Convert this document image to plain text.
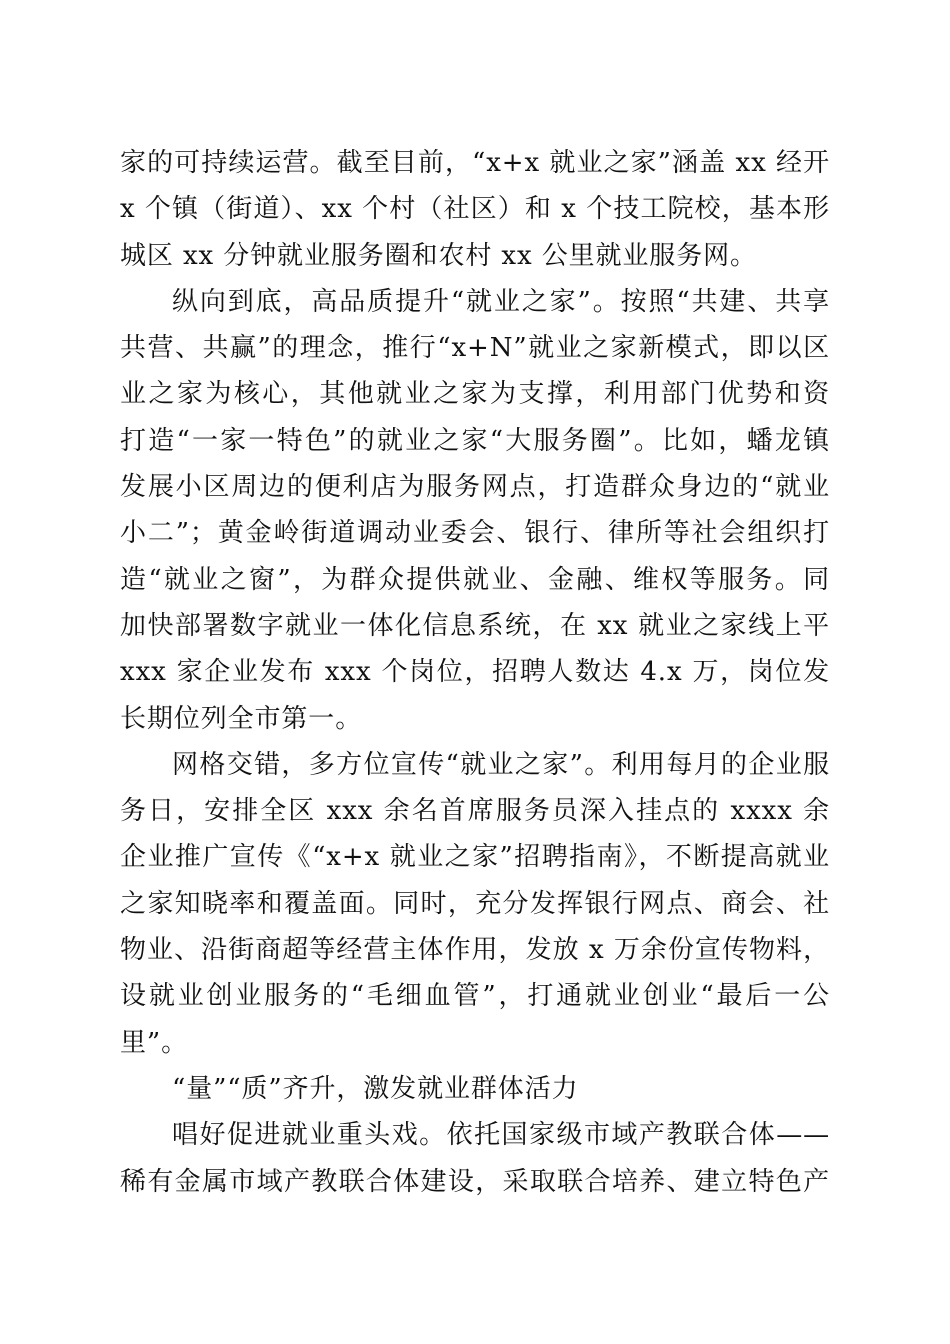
家的可持续运营。截至目前，“x+x 就业之家”涵盖 xx 经开
x 个镇（街道）、xx 个村（社区）和 x 个技工院校，基本形
城区 xx 分钟就业服务圈和农村 xx 公里就业服务网。
纵向到底，高品质提升“就业之家”。按照“共建、共享
共营、共赢”的理念，推行“x+N”就业之家新模式，即以区
业之家为核心，其他就业之家为支撑，利用部门优势和资
打造“一家一特色”的就业之家“大服务圈”。比如，蟠龙镇
发展小区周边的便利店为服务网点，打造群众身边的“就业
小二”；黄金岭街道调动业委会、银行、律所等社会组织打
造“就业之窗”，为群众提供就业、金融、维权等服务。同
加快部署数字就业一体化信息系统，在 xx 就业之家线上平
xxx 家企业发布 xxx 个岗位，招聘人数达 4.x 万，岗位发
长期位列全市第一。
网格交错，多方位宣传“就业之家”。利用每月的企业服
务日，安排全区 xxx 余名首席服务员深入挂点的 xxxx 余
企业推广宣传《“x+x 就业之家”招聘指南》，不断提高就业
之家知晓率和覆盖面。同时，充分发挥银行网点、商会、社
物业、沿街商超等经营主体作用，发放 x 万余份宣传物料，
设就业创业服务的“毛细血管”，打通就业创业“最后一公
里”。
“量”“质”齐升，激发就业群体活力
唱好促进就业重头戏。依托国家级市域产教联合体——
稀有金属市域产教联合体建设，采取联合培养、建立特色产
